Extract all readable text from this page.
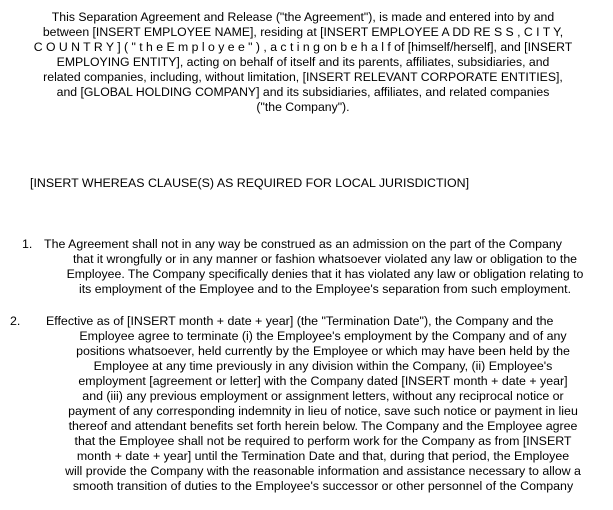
This Separation Agreement and Release ("the Agreement"), is made and entered into by and
between [INSERT EMPLOYEE NAME], residing at [INSERT EMPLOYEE A DD RE S S , C I T Y,
C O U N T R Y ] ( " t h e E m p l o y e e " ) , a c t i n g on b e h a l f of [himself/herself], and [INSERT
EMPLOYING ENTITY], acting on behalf of itself and its parents, affiliates, subsidiaries, and
related companies, including, without limitation, [INSERT RELEVANT CORPORATE ENTITIES],
and [GLOBAL HOLDING COMPANY] and its subsidiaries, affiliates, and related companies
("the Company").
[INSERT WHEREAS CLAUSE(S) AS REQUIRED FOR LOCAL JURISDICTION]
1. The Agreement shall not in any way be construed as an admission on the part of the Company
that it wrongfully or in any manner or fashion whatsoever violated any law or obligation to the
Employee. The Company specifically denies that it has violated any law or obligation relating to
its employment of the Employee and to the Employee's separation from such employment.
2. Effective as of [INSERT month + date + year] (the "Termination Date"), the Company and the
Employee agree to terminate (i) the Employee's employment by the Company and of any
positions whatsoever, held currently by the Employee or which may have been held by the
Employee at any time previously in any division within the Company, (ii) Employee's
employment [agreement or letter] with the Company dated [INSERT month + date + year]
and (iii) any previous employment or assignment letters, without any reciprocal notice or
payment of any corresponding indemnity in lieu of notice, save such notice or payment in lieu
thereof and attendant benefits set forth herein below. The Company and the Employee agree
that the Employee shall not be required to perform work for the Company as from [INSERT
month + date + year] until the Termination Date and that, during that period, the Employee
will provide the Company with the reasonable information and assistance necessary to allow a
smooth transition of duties to the Employee's successor or other personnel of the Company
